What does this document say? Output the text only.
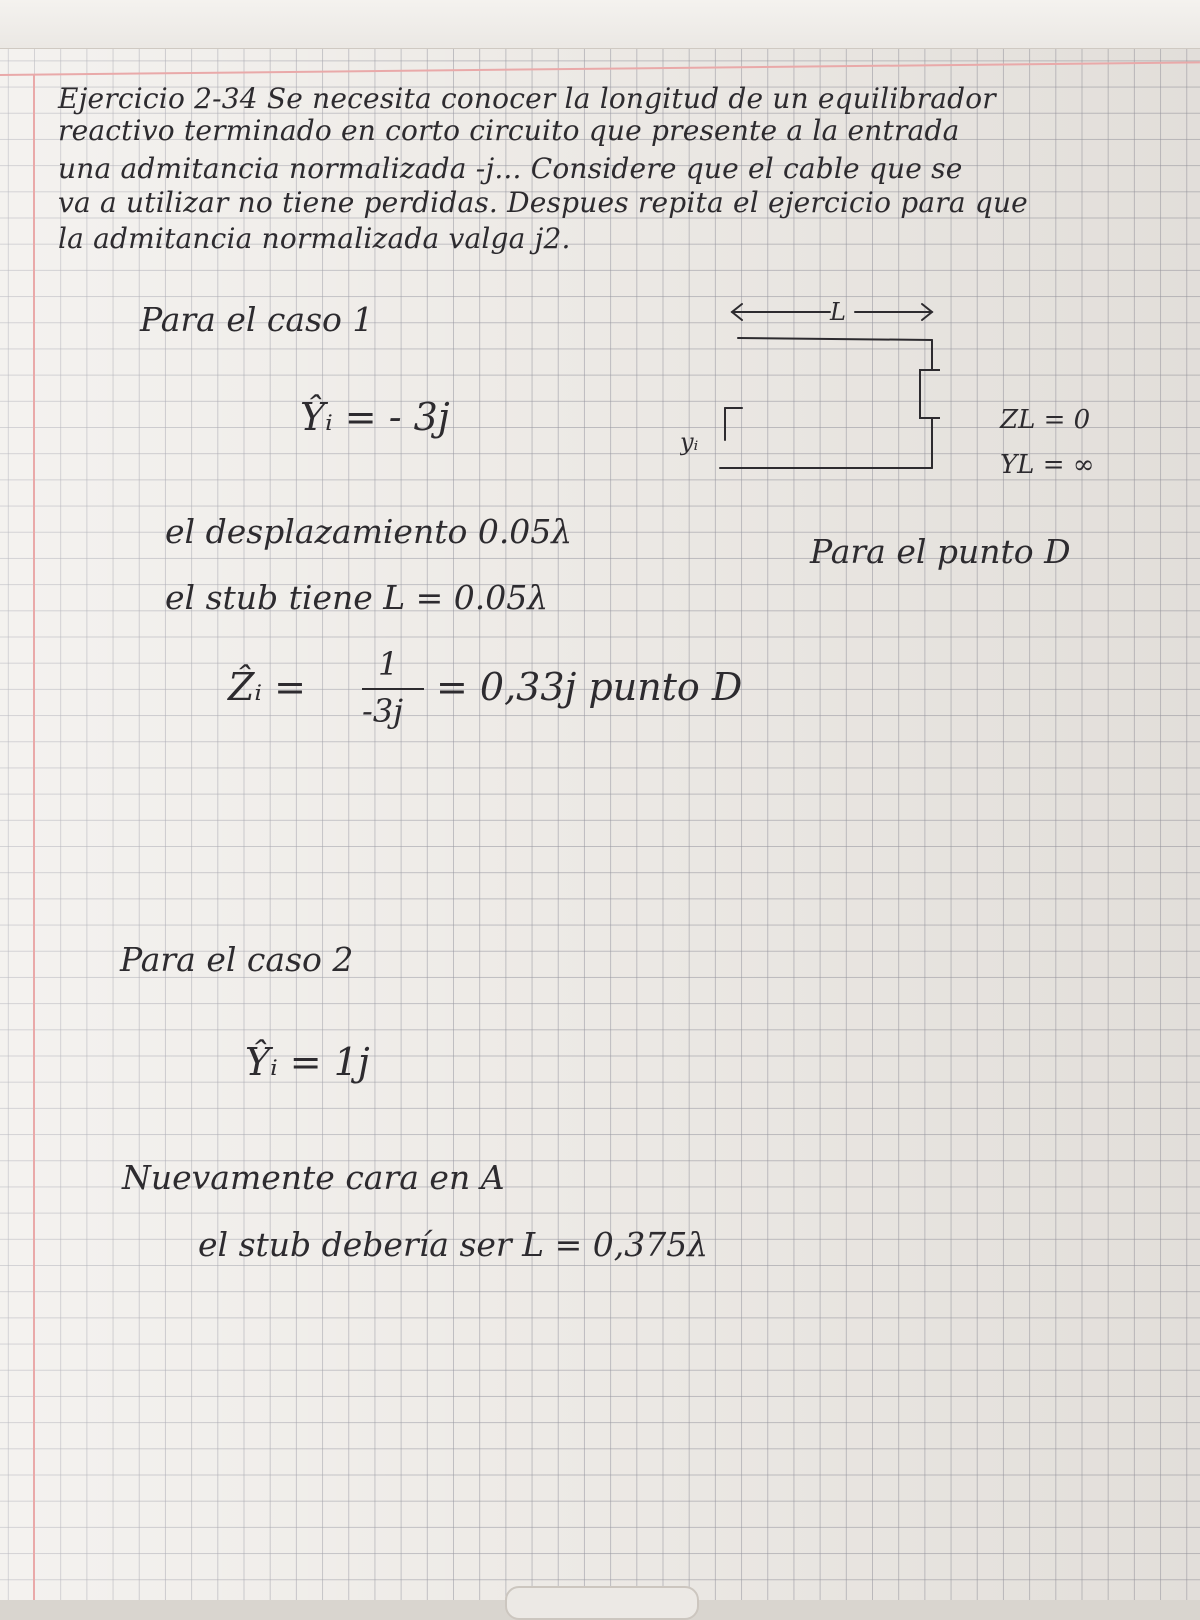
Ejercicio 2-34 Se necesita conocer la longitud de un equilibrador
reactivo terminado en corto circuito que presente a la entrada
una admitancia normalizada -j... Considere que el cable que se
va a utilizar no tiene perdidas. Despues repita el ejercicio para que
la admitancia normalizada valga j2.
Para el caso 1
Ŷᵢ = - 3j
L
yᵢ
ZL = 0
YL = ∞
el desplazamiento 0.05λ
Para el punto D
el stub tiene L = 0.05λ
Ẑᵢ =
1
-3j
= 0,33j punto D
Para el caso 2
Ŷᵢ = 1j
Nuevamente cara en A
el stub debería ser L = 0,375λ
